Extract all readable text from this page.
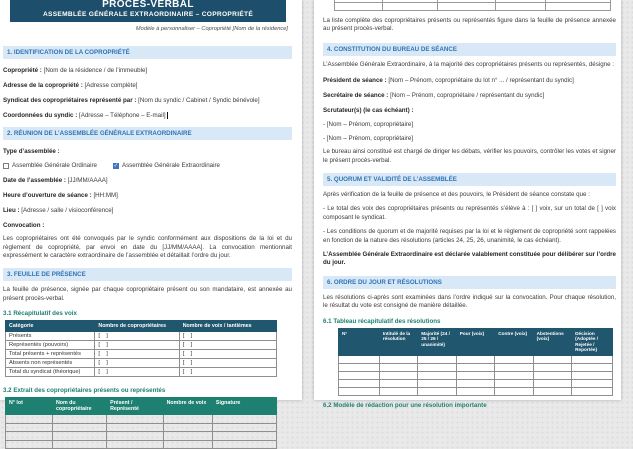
PROCÈS-VERBAL
ASSEMBLÉE GÉNÉRALE EXTRAORDINAIRE – COPROPRIÉTÉ
Modèle à personnaliser – Copropriété [Nom de la résidence]
1. IDENTIFICATION DE LA COPROPRIÉTÉ

Copropriété : [Nom de la résidence / de l’immeuble]

Adresse de la copropriété : [Adresse complète]

Syndicat des copropriétaires représenté par : [Nom du syndic / Cabinet / Syndic bénévole]

Coordonnées du syndic : [Adresse – Téléphone – E-mail]

2. RÉUNION DE L’ASSEMBLÉE GÉNÉRALE EXTRAORDINAIRE

Type d’assemblée :

Assemblée Générale Ordinaire	✓ Assemblée Générale Extraordinaire

Date de l’assemblée : [JJ/MM/AAAA]

Heure d’ouverture de séance : [HH:MM]

Lieu : [Adresse / salle / visioconférence]

Convocation :

Les copropriétaires ont été convoqués par le syndic conformément aux dispositions de la loi et du règlement de copropriété, par envoi en date du [JJ/MM/AAAA]. La convocation mentionnait expressément le caractère extraordinaire de l’assemblée et détaillait l’ordre du jour.

3. FEUILLE DE PRÉSENCE

La feuille de présence, signée par chaque copropriétaire présent ou son mandataire, est annexée au présent procès-verbal.

3.1 Récapitulatif des voix

Catégorie	Nombre de copropriétaires	Nombre de voix / tantièmes
Présents	[    ]	[    ]
Représentés (pouvoirs)	[    ]	[    ]
Total présents + représentés	[    ]	[    ]
Absents non représentés	[    ]	[    ]
Total du syndicat (théorique)	[    ]	[    ]

3.2 Extrait des copropriétaires présents ou représentés

N° lot	Nom du copropriétaire	Présent / Représenté	Nombre de voix	Signature

La liste complète des copropriétaires présents ou représentés figure dans la feuille de présence annexée au présent procès-verbal.

4. CONSTITUTION DU BUREAU DE SÉANCE

L’Assemblée Générale Extraordinaire, à la majorité des copropriétaires présents ou représentés, désigne :

Président de séance : [Nom – Prénom, copropriétaire du lot n° ... / représentant du syndic]

Secrétaire de séance : [Nom – Prénom, copropriétaire / représentant du syndic]

Scrutateur(s) (le cas échéant) :

- [Nom – Prénom, copropriétaire]

- [Nom – Prénom, copropriétaire]

Le bureau ainsi constitué est chargé de diriger les débats, vérifier les pouvoirs, contrôler les votes et signer le présent procès-verbal.

5. QUORUM ET VALIDITÉ DE L’ASSEMBLÉE

Après vérification de la feuille de présence et des pouvoirs, le Président de séance constate que :

- Le total des voix des copropriétaires présents ou représentés s’élève à : [ ] voix, sur un total de [ ] voix composant le syndicat.

- Les conditions de quorum et de majorité requises par la loi et le règlement de copropriété sont rappelées en fonction de la nature des résolutions (articles 24, 25, 26, unanimité, le cas échéant).

L’Assemblée Générale Extraordinaire est déclarée valablement constituée pour délibérer sur l’ordre du jour.

6. ORDRE DU JOUR ET RÉSOLUTIONS

Les résolutions ci-après sont examinées dans l’ordre indiqué sur la convocation. Pour chaque résolution, le résultat du vote est consigné de manière détaillée.

6.1 Tableau récapitulatif des résolutions

N°	Intitulé de la résolution	Majorité (24 / 25 / 26 / unanimité)	Pour (voix)	Contre (voix)	Abstentions (voix)	Décision (Adoptée / Rejetée / Reportée)

6.2 Modèle de rédaction pour une résolution importante
